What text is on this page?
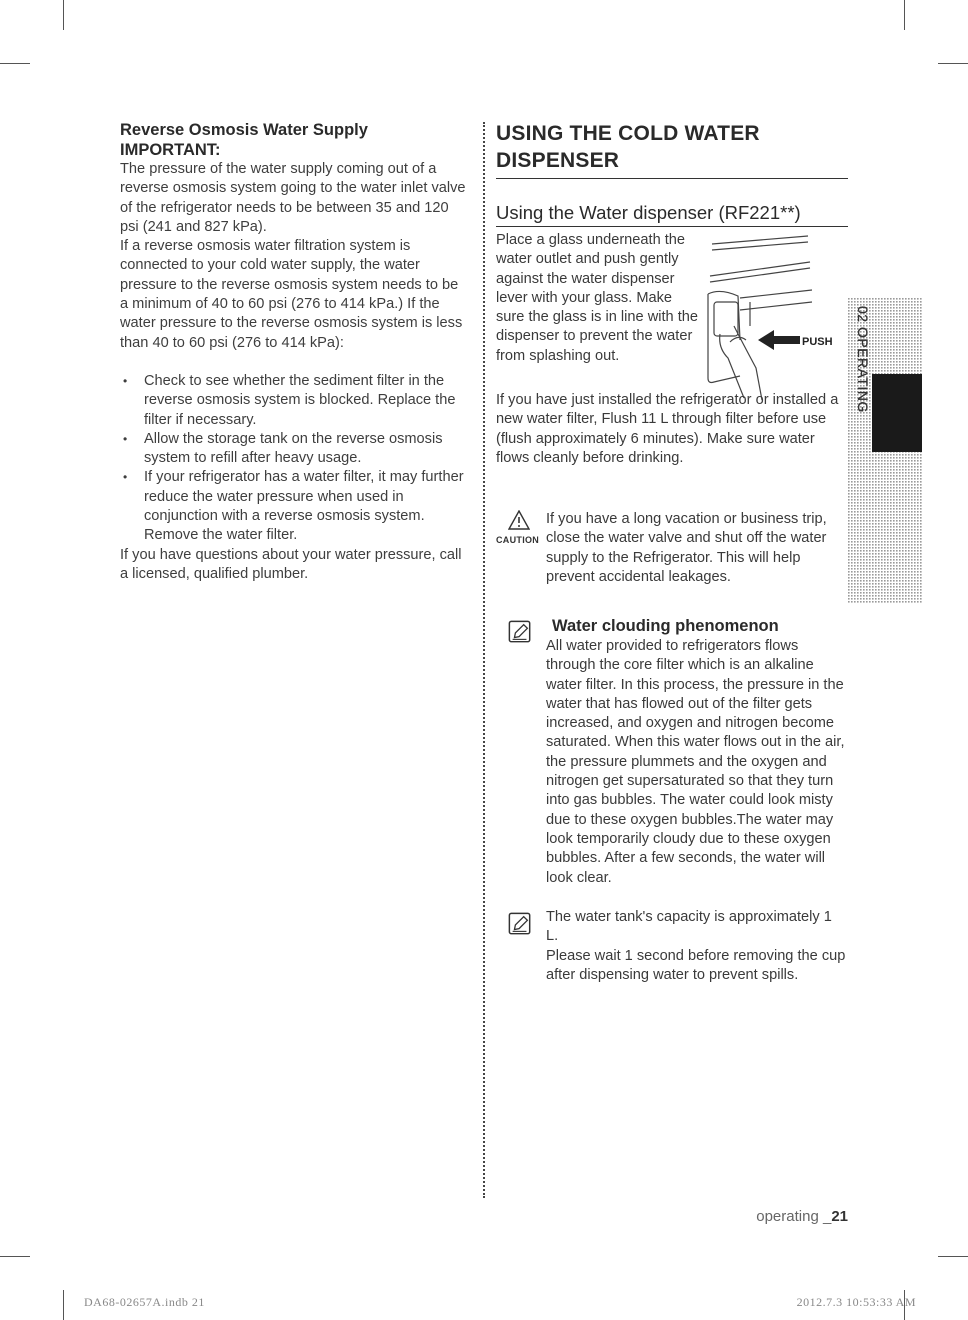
Reverse Osmosis Water Supply
IMPORTANT:

The pressure of the water supply coming out of a reverse osmosis system going to the water inlet valve of the refrigerator needs to be between 35 and 120 psi (241 and 827 kPa).

If a reverse osmosis water filtration system is connected to your cold water supply, the water pressure to the reverse osmosis system needs to be a minimum of 40 to 60 psi (276 to 414 kPa.) If the water pressure to the reverse osmosis system is less than 40 to 60 psi (276 to 414 kPa):

• Check to see whether the sediment filter in the reverse osmosis system is blocked. Replace the filter if necessary.
• Allow the storage tank on the reverse osmosis system to refill after heavy usage.
• If your refrigerator has a water filter, it may further reduce the water pressure when used in conjunction with a reverse osmosis system. Remove the water filter.

If you have questions about your water pressure, call a licensed, qualified plumber.

USING THE COLD WATER DISPENSER
Using the Water dispenser (RF221**)

Place a glass underneath the water outlet and push gently against the water dispenser lever with your glass. Make sure the glass is in line with the dispenser to prevent the water from splashing out.

PUSH

If you have just installed the refrigerator or installed a new water filter, Flush 11 L through filter before use (flush approximately 6 minutes). Make sure water flows cleanly before drinking.

CAUTION
If you have a long vacation or business trip, close the water valve and shut off the water supply to the Refrigerator. This will help prevent accidental leakages.
Water clouding phenomenon
All water provided to refrigerators flows through the core filter which is an alkaline water filter. In this process, the pressure in the water that has flowed out of the filter gets increased, and oxygen and nitrogen become saturated. When this water flows out in the air, the pressure plummets and the oxygen and nitrogen get supersaturated so that they turn into gas bubbles. The water could look misty due to these oxygen bubbles.The water may look temporarily cloudy due to these oxygen bubbles. After a few seconds, the water will look clear.

The water tank's capacity is approximately 1 L.

Please wait 1 second before removing the cup after dispensing water to prevent spills.

02 OPERATING
operating _21
DA68-02657A.indb 21	2012.7.3 10:53:33 AM
